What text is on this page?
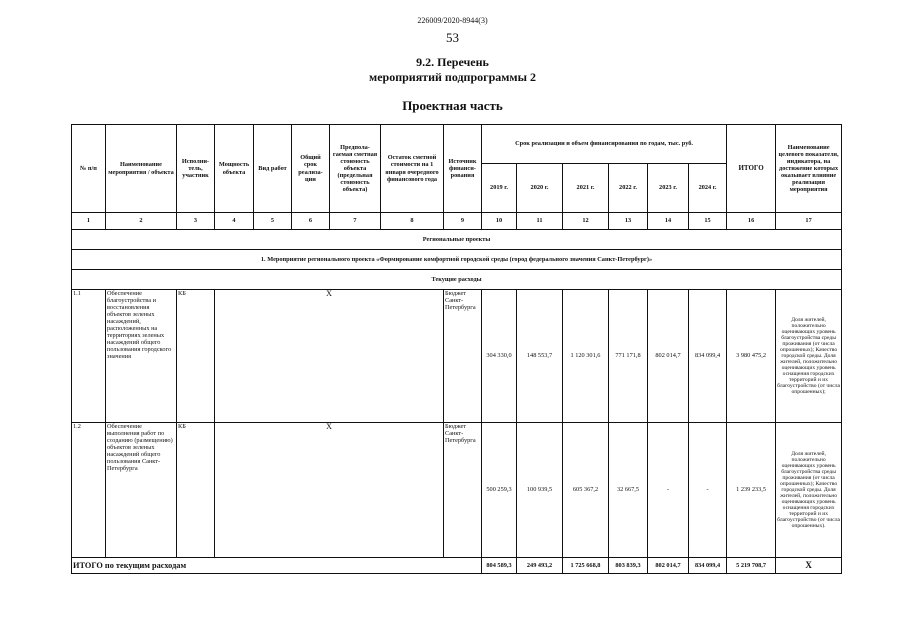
226009/2020-8944(3)
53
9.2. Перечень
мероприятий подпрограммы 2
Проектная часть
№ п/п	Наименование мероприятия / объекта	Исполни-тель, участник	Мощность объекта	Вид работ	Общий срок реализа-ции	Предпола-гаемая сметная стоимость объекта (предельная стоимость объекта)	Остаток сметной стоимости на 1 января очередного финансового года	Источник финанси-рования	Срок реализации и объем финансирования по годам, тыс. руб.						ИТОГО	Наименование целевого показателя, индикатора, на достижение которых оказывает влияние реализация мероприятия
									2019 г.	2020 г.	2021 г.	2022 г.	2023 г.	2024 г.		
1	2	3	4	5	6	7	8	9	10	11	12	13	14	15	16	17
Региональные проекты																
1. Мероприятие регионального проекта «Формирование комфортной городской среды (город федерального значения Санкт-Петербург)»																
Текущие расходы																
1.1	Обеспечение благоустройства и восстановления объектов зеленых насаждений, расположенных на территориях зеленых насаждений общего пользования городского значения	КБ	Х					Бюджет Санкт-Петербурга	304 330,0	148 553,7	1 120 301,6	771 171,8	802 014,7	834 099,4	3 980 475,2	Доля жителей, положительно оценивающих уровень благоустройства среды проживания (от числа опрошенных); Качество городской среды. Доля жителей, положительно оценивающих уровень оснащения городских территорий и их благоустройство (от числа опрошенных);
1.2	Обеспечение выполнения работ по созданию (размещению) объектов зеленых насаждений общего пользования Санкт-Петербурга	КБ	Х					Бюджет Санкт-Петербурга	500 259,3	100 939,5	605 367,2	32 667,5	-	-	1 239 233,5	Доля жителей, положительно оценивающих уровень благоустройства среды проживания (от числа опрошенных); Качество городской среды. Доля жителей, положительно оценивающих уровень оснащения городских территорий и их благоустройство (от числа опрошенных).
ИТОГО по текущим расходам									804 589,3	249 493,2	1 725 668,8	803 839,3	802 014,7	834 099,4	5 219 708,7	Х
